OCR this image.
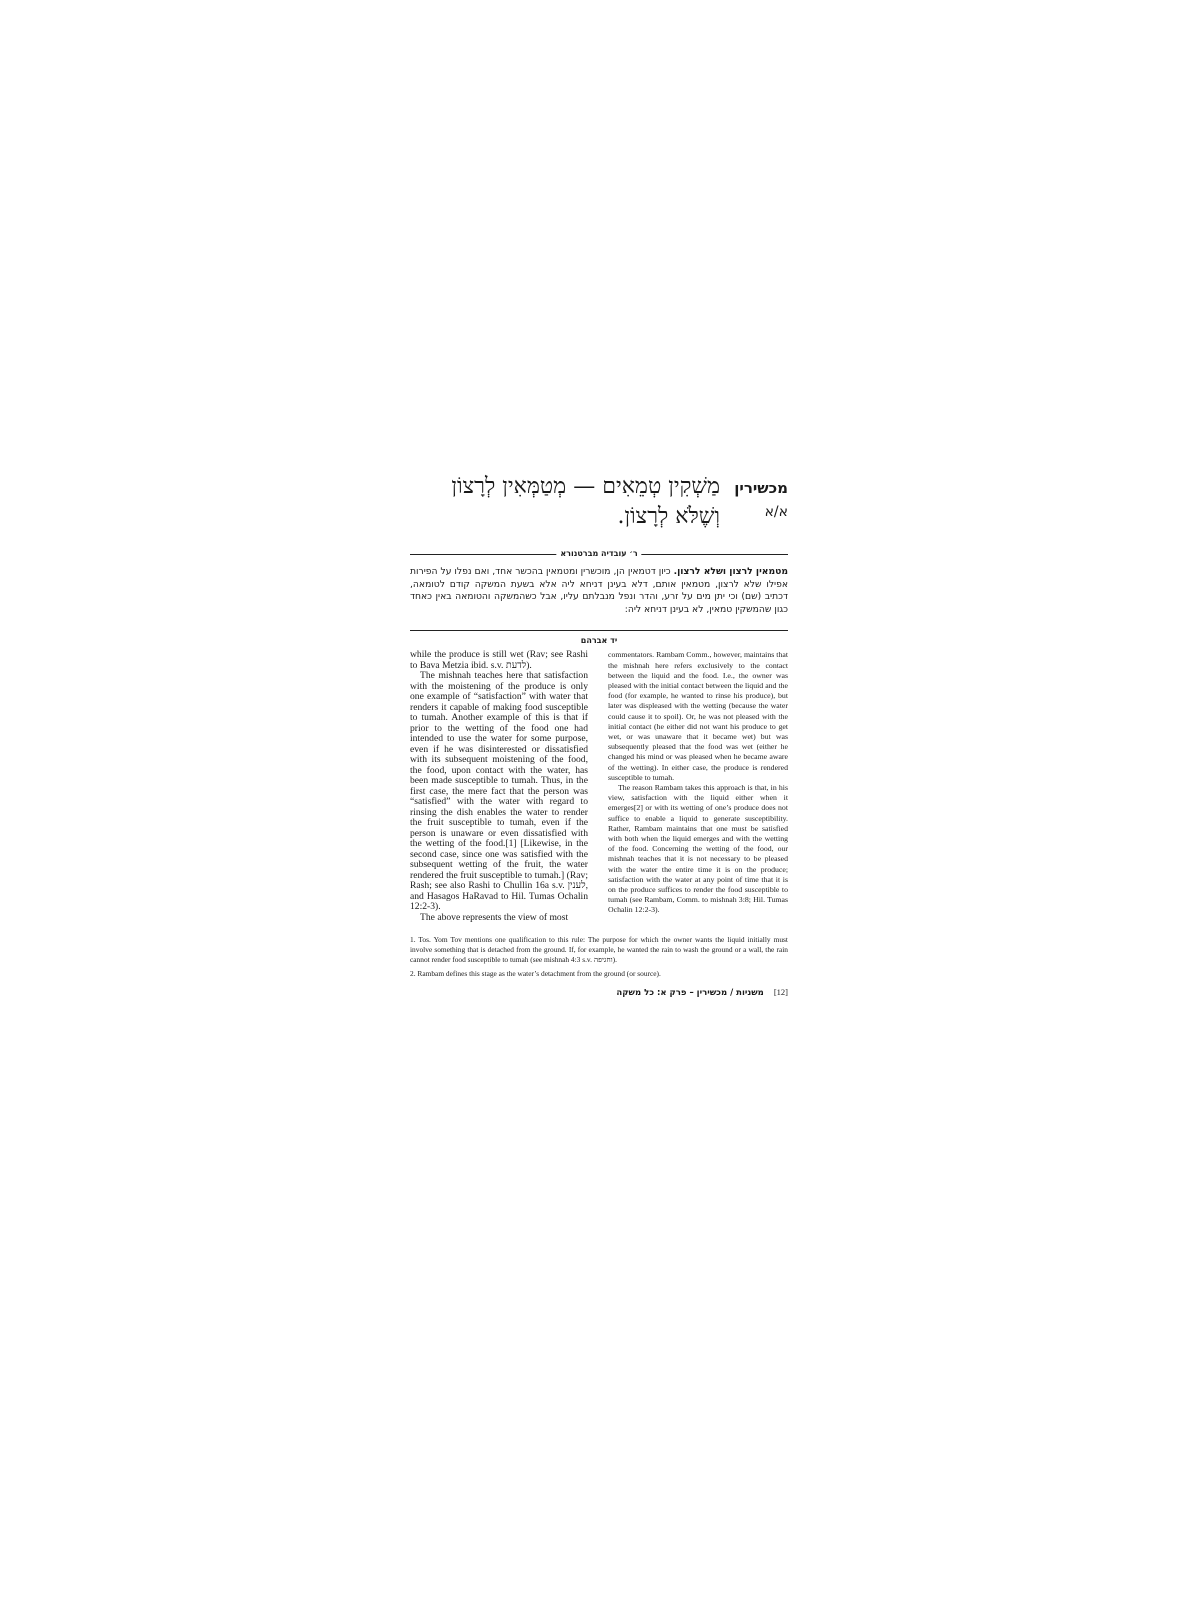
מכשירין
א/א
מַשְׁקִין טְמֵאִים — מְטַמְּאִין לְרָצוֹן וְשֶׁלֹּא לְרָצוֹן.
ר׳ עובדיה מברטנורא
מטמאין לרצון ושלא לרצון. כיון דטמאין הן, מוכשרין ומטמאין בהכשר אחד, ואם נפלו על הפירות אפילו שלא לרצון, מטמאין אותם, דלא בעינן דניחא ליה אלא בשעת המשקה קודם לטומאה, דכתיב (שם) וכי יתן מים על זרע, והדר ונפל מנבלתם עליו, אבל כשהמשקה והטומאה באין כאחד כגון שהמשקין טמאין, לא בעינן דניחא ליה:
יד אברהם

while the produce is still wet (Rav; see Rashi to Bava Metzia ibid. s.v. לדעת).

The mishnah teaches here that satisfaction with the moistening of the produce is only one example of “satisfaction” with water that renders it capable of making food susceptible to tumah. Another example of this is that if prior to the wetting of the food one had intended to use the water for some purpose, even if he was disinterested or dissatisfied with its subsequent moistening of the food, the food, upon contact with the water, has been made susceptible to tumah. Thus, in the first case, the mere fact that the person was “satisfied” with the water with regard to rinsing the dish enables the water to render the fruit susceptible to tumah, even if the person is unaware or even dissatisfied with the wetting of the food.[1] [Likewise, in the second case, since one was satisfied with the subsequent wetting of the fruit, the water rendered the fruit susceptible to tumah.] (Rav; Rash; see also Rashi to Chullin 16a s.v. לענין, and Hasagos HaRavad to Hil. Tumas Ochalin 12:2-3).

The above represents the view of most

commentators. Rambam Comm., however, maintains that the mishnah here refers exclusively to the contact between the liquid and the food. I.e., the owner was pleased with the initial contact between the liquid and the food (for example, he wanted to rinse his produce), but later was displeased with the wetting (because the water could cause it to spoil). Or, he was not pleased with the initial contact (he either did not want his produce to get wet, or was unaware that it became wet) but was subsequently pleased that the food was wet (either he changed his mind or was pleased when he became aware of the wetting). In either case, the produce is rendered susceptible to tumah.

The reason Rambam takes this approach is that, in his view, satisfaction with the liquid either when it emerges[2] or with its wetting of one’s produce does not suffice to enable a liquid to generate susceptibility. Rather, Rambam maintains that one must be satisfied with both when the liquid emerges and with the wetting of the food. Concerning the wetting of the food, our mishnah teaches that it is not necessary to be pleased with the water the entire time it is on the produce; satisfaction with the water at any point of time that it is on the produce suffices to render the food susceptible to tumah (see Rambam, Comm. to mishnah 3:8; Hil. Tumas Ochalin 12:2-3).

1. Tos. Yom Tov mentions one qualification to this rule: The purpose for which the owner wants the liquid initially must involve something that is detached from the ground. If, for example, he wanted the rain to wash the ground or a wall, the rain cannot render food susceptible to tumah (see mishnah 4:3 s.v. וחגיפה).

2. Rambam defines this stage as the water’s detachment from the ground (or source).

משניות / מכשירין – פרק א: כל משקה [12]
